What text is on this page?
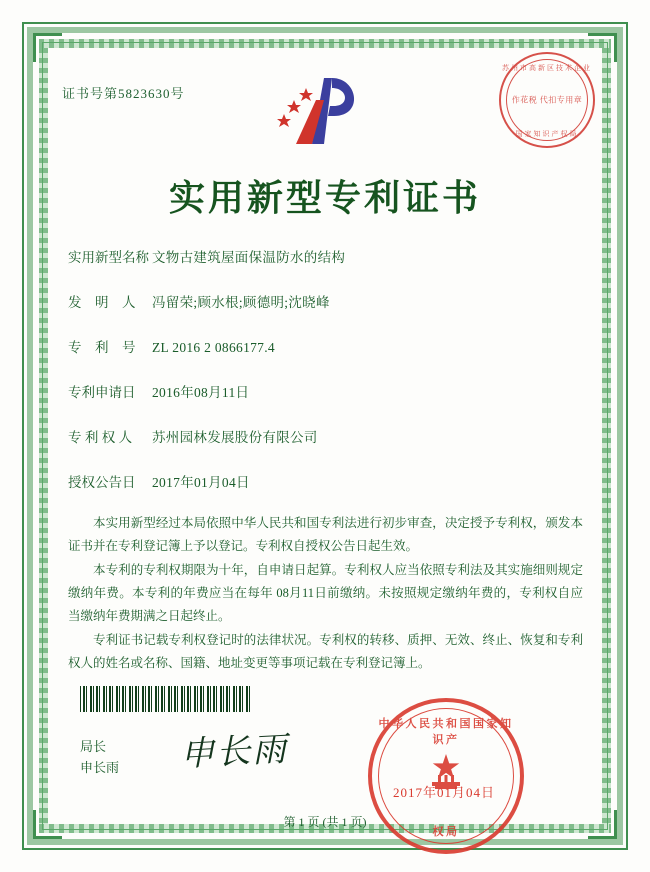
证书号第5823630号
苏州市高新区技术企业
作花税 代扣专用章
国家知识产权局
实用新型专利证书
实用新型名称 文物古建筑屋面保温防水的结构
发　明　人 冯留荣;顾水根;顾德明;沈晓峰
专　利　号 ZL 2016 2 0866177.4
专利申请日 2016年08月11日
专 利 权 人 苏州园林发展股份有限公司
授权公告日 2017年01月04日

本实用新型经过本局依照中华人民共和国专利法进行初步审查，决定授予专利权，颁发本证书并在专利登记簿上予以登记。专利权自授权公告日起生效。

本专利的专利权期限为十年，自申请日起算。专利权人应当依照专利法及其实施细则规定缴纳年费。本专利的年费应当在每年 08月11日前缴纳。未按照规定缴纳年费的，专利权自应当缴纳年费期满之日起终止。

专利证书记载专利权登记时的法律状况。专利权的转移、质押、无效、终止、恢复和专利权人的姓名或名称、国籍、地址变更等事项记载在专利登记簿上。

局长
申长雨 申长雨
中华人民共和国国家知识产
权局
2017年01月04日
第 1 页 (共 1 页)
